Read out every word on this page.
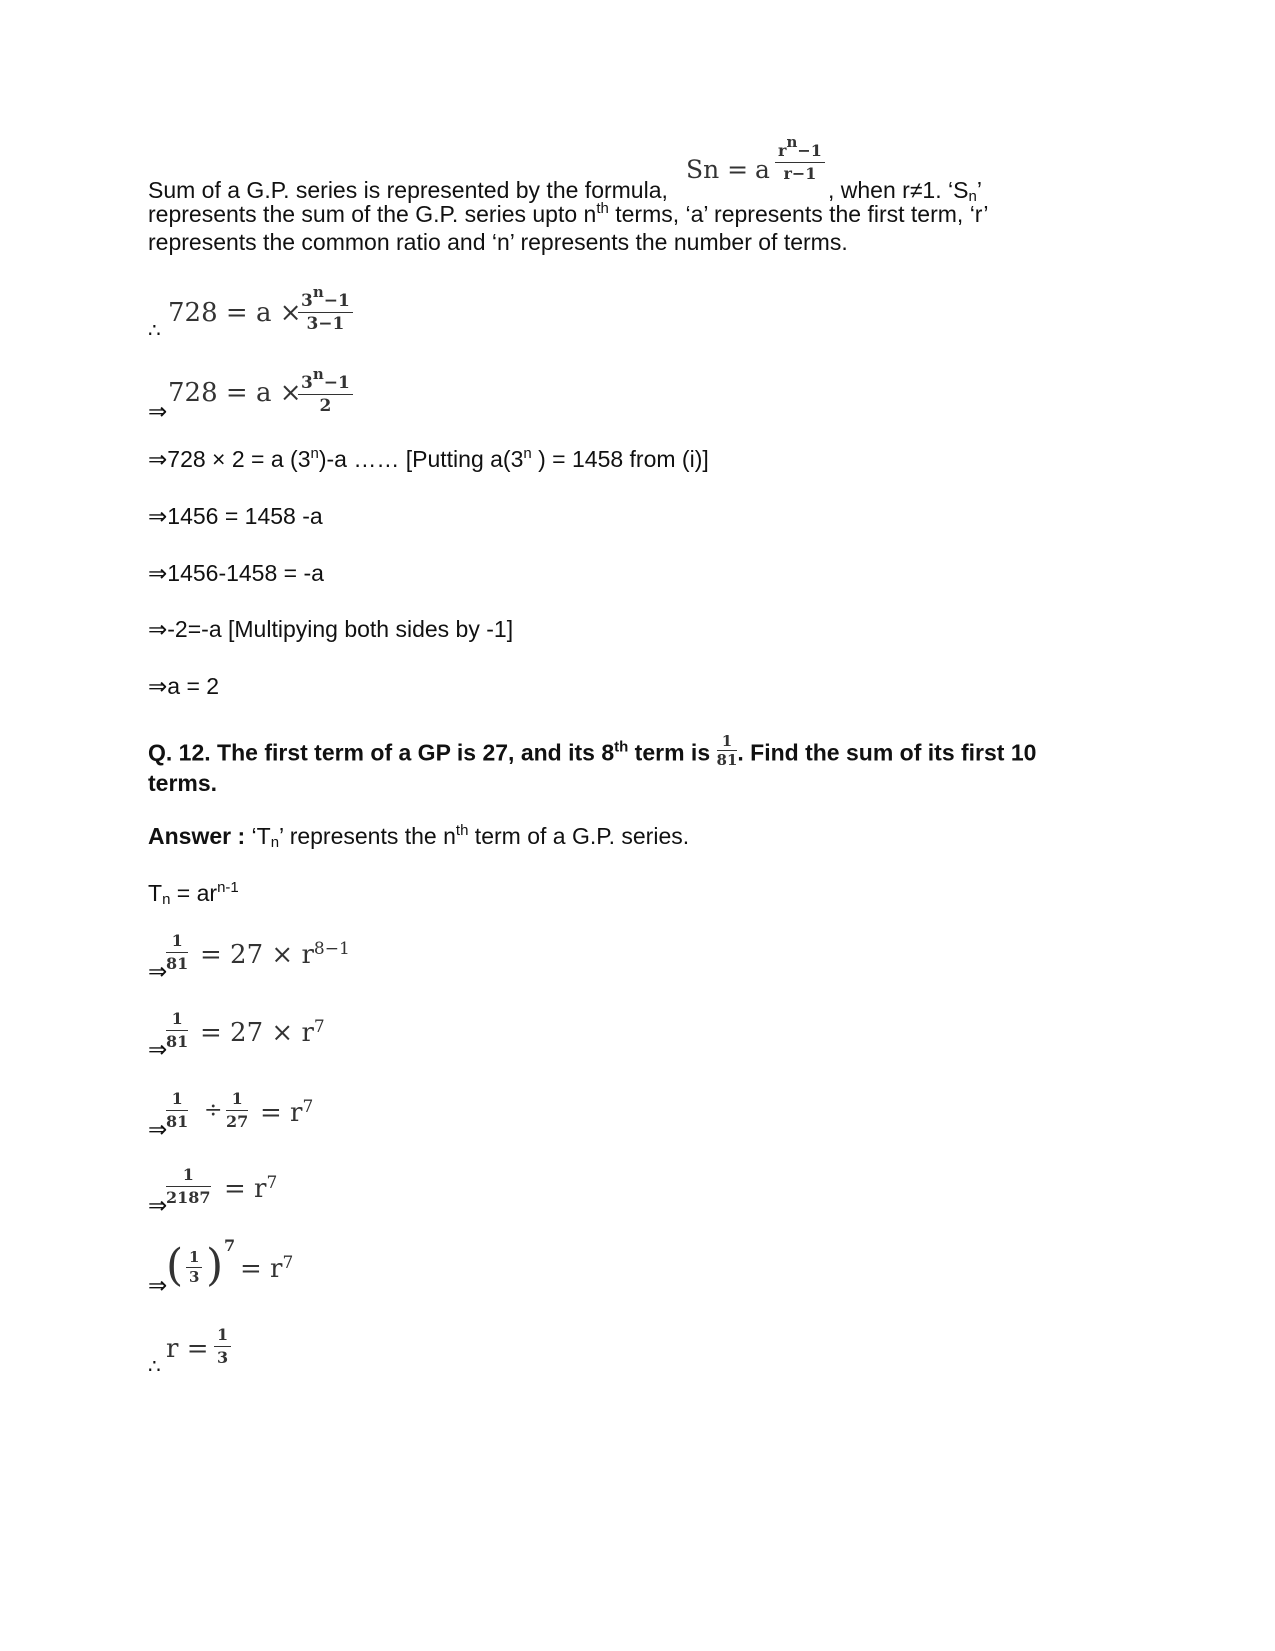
Sum of a G.P. series is represented by the formula,
Sn = a $\frac{r^n-1}{r-1}$
, when r≠1. ‘$S_n$’
represents the sum of the G.P. series upto $n^{th}$ terms, ‘a’ represents the first term, ‘r’
represents the common ratio and ‘n’ represents the number of terms.
∴
728 = a ×
$\frac{3^n-1}{3-1}$
⇒
728 = a ×
$\frac{3^n-1}{2}$
⇒728 × 2 = a (3$^n$)-a …… [Putting a(3$^n$ ) = 1458 from (i)]
⇒1456 = 1458 -a
⇒1456-1458 = -a
⇒-2=-a [Multipying both sides by -1]
⇒a = 2
Q. 12. The first term of a GP is 27, and its 8th term is $\frac{1}{81}$ . Find the sum of its first 10
terms.
Answer : ‘$T_n$’ represents the $n^{th}$ term of a G.P. series.
$T_n = ar^{n-1}$
⇒
$\frac{1}{81} = 27 \times r^{8-1}$
⇒
$\frac{1}{81} = 27 \times r^7$
⇒
$\frac{1}{81} \div \frac{1}{27} = r^7$
⇒
$\frac{1}{2187} = r^7$
⇒
( $\frac{1}{3}$ ) 7
= $r^7$
∴
$r = \frac{1}{3}$
